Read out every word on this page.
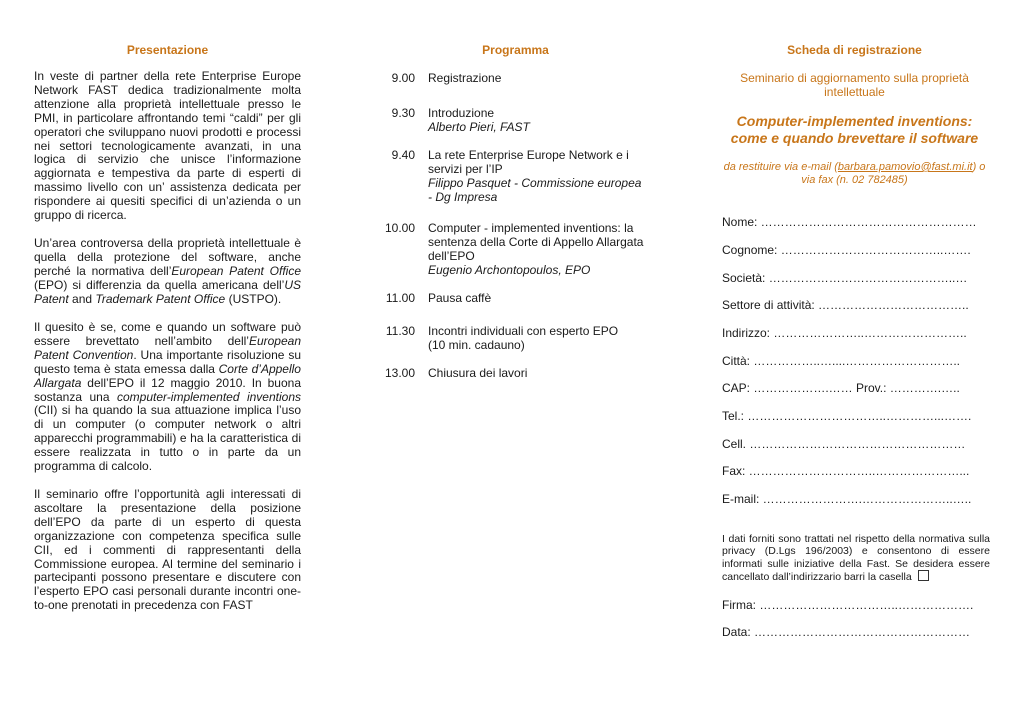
Presentazione

In veste di partner della rete Enterprise Europe Network FAST dedica tradizionalmente molta attenzione alla proprietà intellettuale presso le PMI, in particolare affrontando temi “caldi” per gli operatori che sviluppano nuovi prodotti e processi nei settori tecnologicamente avanzati, in una logica di servizio che unisce l’informazione aggiornata e tempestiva da parte di esperti di massimo livello con un’ assistenza dedicata per rispondere ai quesiti specifici di un’azienda o un gruppo di ricerca.

Un’area controversa della proprietà intellettuale è quella della protezione del software, anche perché la normativa dell’European Patent Office (EPO) si differenzia da quella americana dell’US Patent and Trademark Patent Office (USTPO).

Il quesito è se, come e quando un software può essere brevettato nell’ambito dell’European Patent Convention. Una importante risoluzione su questo tema è stata emessa dalla Corte d’Appello Allargata dell’EPO il 12 maggio 2010. In buona sostanza una computer-implemented inventions (CII) si ha quando la sua attuazione implica l’uso di un computer (o computer network o altri apparecchi programmabili) e ha la caratteristica di essere realizzata in tutto o in parte da un programma di calcolo.

Il seminario offre l’opportunità agli interessati di ascoltare la presentazione della posizione dell’EPO da parte di un esperto di questa organizzazione con competenza specifica sulle CII, ed i commenti di rappresentanti della Commissione europea. Al termine del seminario i partecipanti possono presentare e discutere con l’esperto EPO casi personali durante incontri one-to-one prenotati in precedenza con FAST

Programma
9.00 Registrazione
9.30 Introduzione
Alberto Pieri, FAST
9.40 La rete Enterprise Europe Network e i servizi per l’IP
Filippo Pasquet - Commissione europea - Dg Impresa
10.00 Computer - implemented inventions: la sentenza della Corte di Appello Allargata dell’EPO
Eugenio Archontopoulos, EPO
11.00 Pausa caffè
11.30 Incontri individuali con esperto EPO  (10 min. cadauno)
13.00 Chiusura dei lavori
Scheda di registrazione
Seminario di aggiornamento sulla proprietà intellettuale
Computer-implemented inventions:
come e quando brevettare il software
da restituire via e-mail (barbara.pamovio@fast.mi.it) o via fax (n. 02 782485)
Nome: ………………………………………………
Cognome: …………………………………..…….
Società: ………………………………………..…
Settore di attività: ………………………………..
Indirizzo: …………………..……………………..
Città: ……………..…....………………………..
CAP: ……………….…… Prov.: ………….…..
Tel.: ……………………………..…………...…….
Cell. ………………………………………………
Fax: …………………………..…………………...
E-mail: …………………….…………………..…..

I dati forniti sono trattati nel rispetto della normativa sulla privacy (D.Lgs 196/2003) e consentono di essere informati sulle iniziative della Fast. Se desidera essere cancellato dall’indirizzario barri la casella

Firma: ……………………………..……………….
Data: ………………………………………………
